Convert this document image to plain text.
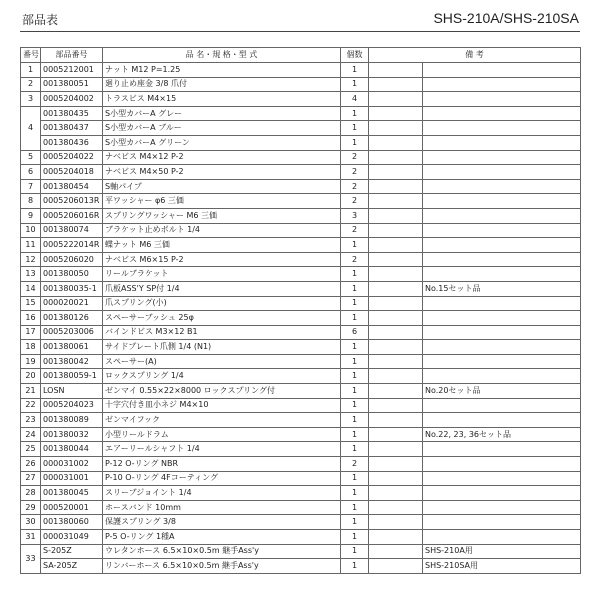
部品表	SHS-210A/SHS-210SA
番号	部品番号	品 名・規 格・型 式	個数	備 考	
1	0005212001	ナット M12 P=1.25	1		
2	001380051	廻り止め座金 3/8 爪付	1		
3	0005204002	トラスビス M4×15	4		
4	001380435	S小型カバーA グレー	1		
	001380437	S小型カバーA ブルー	1		
	001380436	S小型カバーA グリーン	1		
5	0005204022	ナベビス M4×12 P-2	2		
6	0005204018	ナベビス M4×50 P-2	2		
7	001380454	S軸パイプ	2		
8	0005206013R	平ワッシャー φ6 三価	2		
9	0005206016R	スプリングワッシャー M6 三価	3		
10	001380074	ブラケット止めボルト 1/4	2		
11	0005222014R	蝶ナット M6 三価	1		
12	0005206020	ナベビス M6×15 P-2	2		
13	001380050	リールブラケット	1		
14	001380035-1	爪板ASS'Y SP付 1/4	1		No.15セット品
15	000020021	爪スプリング(小)	1		
16	001380126	スペーサーブッシュ 25φ	1		
17	0005203006	バインドビス M3×12 B1	6		
18	001380061	サイドプレート爪側 1/4 (N1)	1		
19	001380042	スペーサー(A)	1		
20	001380059-1	ロックスプリング 1/4	1		
21	LOSN	ゼンマイ 0.55×22×8000 ロックスプリング付	1		No.20セット品
22	0005204023	十字穴付き皿小ネジ M4×10	1		
23	001380089	ゼンマイフック	1		
24	001380032	小型リールドラム	1		No.22, 23, 36セット品
25	001380044	エアーリールシャフト 1/4	1		
26	000031002	P-12 O-リング NBR	2		
27	000031001	P-10 O-リング 4Fコーティング	1		
28	001380045	スリーブジョイント 1/4	1		
29	000520001	ホースバンド 10mm	1		
30	001380060	保護スプリング 3/8	1		
31	000031049	P-5 O-リング 1種A	1		
33	S-205Z	ウレタンホース 6.5×10×0.5m 継手Ass'y	1		SHS-210A用
	SA-205Z	リンバーホース 6.5×10×0.5m 継手Ass'y	1		SHS-210SA用
